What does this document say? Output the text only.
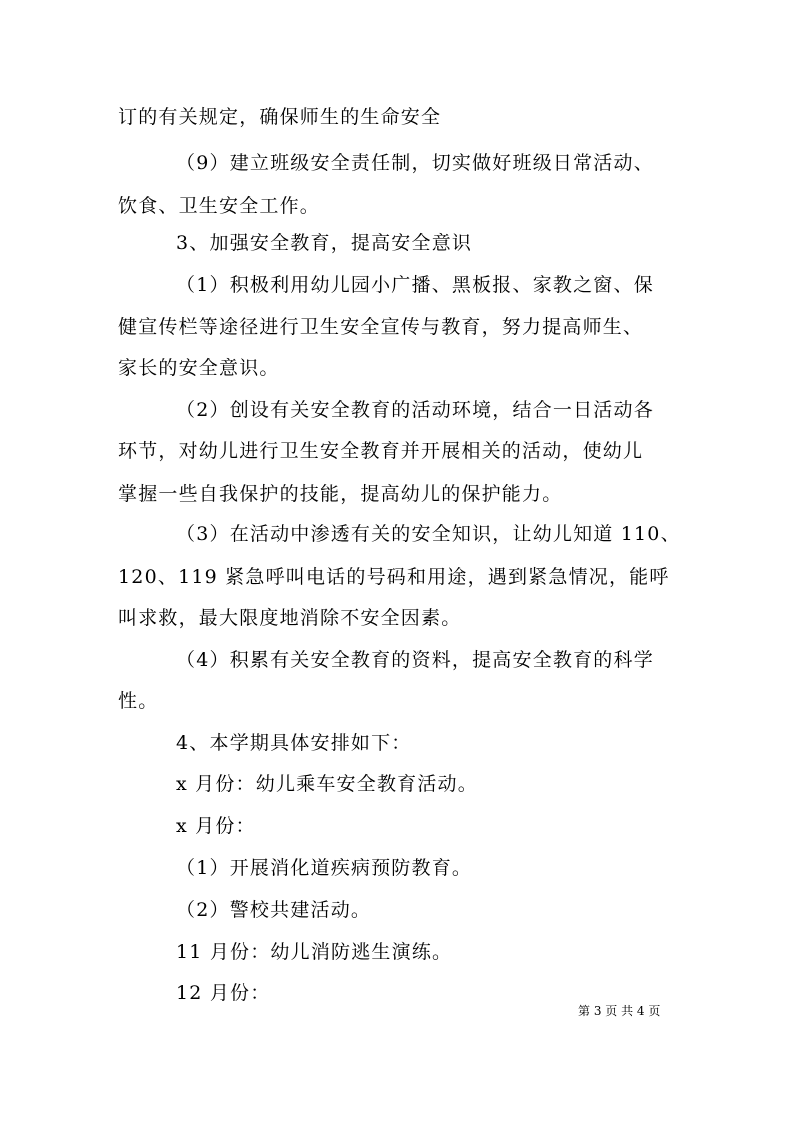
订的有关规定，确保师生的生命安全
（9）建立班级安全责任制，切实做好班级日常活动、
饮食、卫生安全工作。
3、加强安全教育，提高安全意识
（1）积极利用幼儿园小广播、黑板报、家教之窗、保
健宣传栏等途径进行卫生安全宣传与教育，努力提高师生、
家长的安全意识。
（2）创设有关安全教育的活动环境，结合一日活动各
环节，对幼儿进行卫生安全教育并开展相关的活动，使幼儿
掌握一些自我保护的技能，提高幼儿的保护能力。
（3）在活动中渗透有关的安全知识，让幼儿知道 110、
120、119 紧急呼叫电话的号码和用途，遇到紧急情况，能呼
叫求救，最大限度地消除不安全因素。
（4）积累有关安全教育的资料，提高安全教育的科学
性。
4、本学期具体安排如下：
x 月份：幼儿乘车安全教育活动。
x 月份：
（1）开展消化道疾病预防教育。
（2）警校共建活动。
11 月份：幼儿消防逃生演练。
12 月份：
第 3 页 共 4 页
